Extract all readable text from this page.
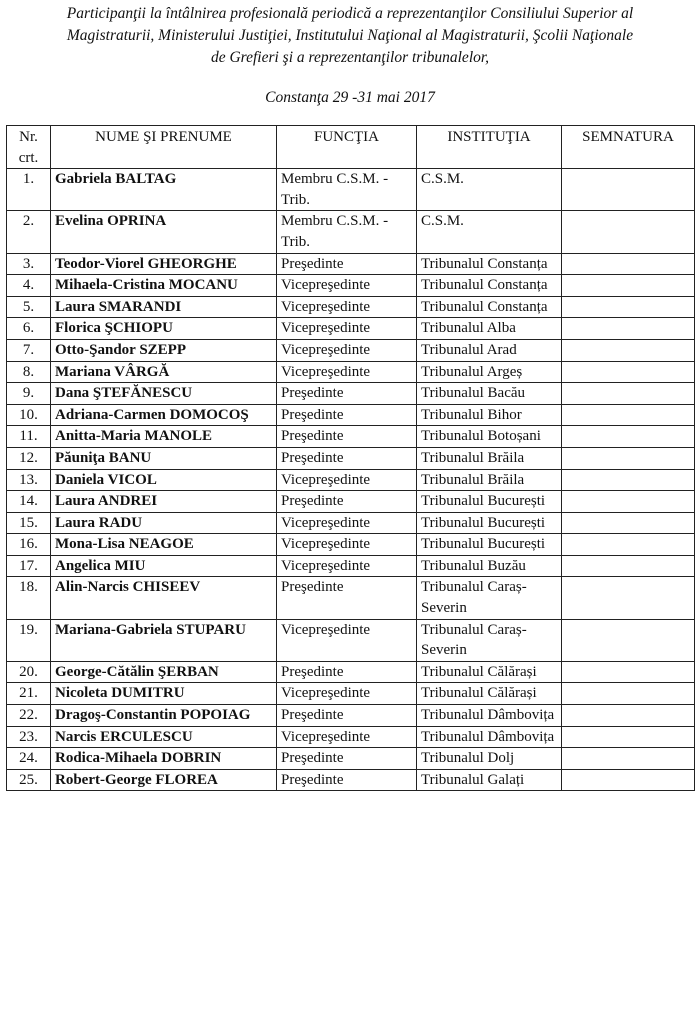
Participanţii la întâlnirea profesională periodică a reprezentanţilor Consiliului Superior al
Magistraturii, Ministerului Justiţiei, Institutului Naţional al Magistraturii, Şcolii Naţionale
de Grefieri şi a reprezentanţilor tribunalelor,
Constanţa 29 -31 mai 2017
Nr.
crt.	NUME ŞI PRENUME	FUNCŢIA	INSTITUŢIA	SEMNATURA
1.	Gabriela BALTAG	Membru C.S.M. - Trib.	C.S.M.	
2.	Evelina OPRINA	Membru C.S.M. - Trib.	C.S.M.	
3.	Teodor-Viorel GHEORGHE	Preşedinte	Tribunalul Constanța	
4.	Mihaela-Cristina MOCANU	Vicepreşedinte	Tribunalul Constanța	
5.	Laura SMARANDI	Vicepreşedinte	Tribunalul Constanța	
6.	Florica ŞCHIOPU	Vicepreşedinte	Tribunalul Alba	
7.	Otto-Şandor SZEPP	Vicepreşedinte	Tribunalul Arad	
8.	Mariana VÂRGĂ	Vicepreşedinte	Tribunalul Argeș	
9.	Dana ŞTEFĂNESCU	Preşedinte	Tribunalul Bacău	
10.	Adriana-Carmen DOMOCOŞ	Preşedinte	Tribunalul Bihor	
11.	Anitta-Maria MANOLE	Preşedinte	Tribunalul Botoșani	
12.	Păuniţa BANU	Preşedinte	Tribunalul Brăila	
13.	Daniela VICOL	Vicepreşedinte	Tribunalul Brăila	
14.	Laura ANDREI	Preşedinte	Tribunalul București	
15.	Laura RADU	Vicepreşedinte	Tribunalul București	
16.	Mona-Lisa NEAGOE	Vicepreşedinte	Tribunalul București	
17.	Angelica MIU	Vicepreşedinte	Tribunalul Buzău	
18.	Alin-Narcis CHISEEV	Preşedinte	Tribunalul Caraș-Severin	
19.	Mariana-Gabriela STUPARU	Vicepreşedinte	Tribunalul Caraș-Severin	
20.	George-Cătălin ŞERBAN	Preşedinte	Tribunalul Călărași	
21.	Nicoleta DUMITRU	Vicepreşedinte	Tribunalul Călărași	
22.	Dragoş-Constantin POPOIAG	Preşedinte	Tribunalul Dâmbovița	
23.	Narcis ERCULESCU	Vicepreşedinte	Tribunalul Dâmbovița	
24.	Rodica-Mihaela DOBRIN	Preşedinte	Tribunalul Dolj	
25.	Robert-George FLOREA	Preşedinte	Tribunalul Galați	
